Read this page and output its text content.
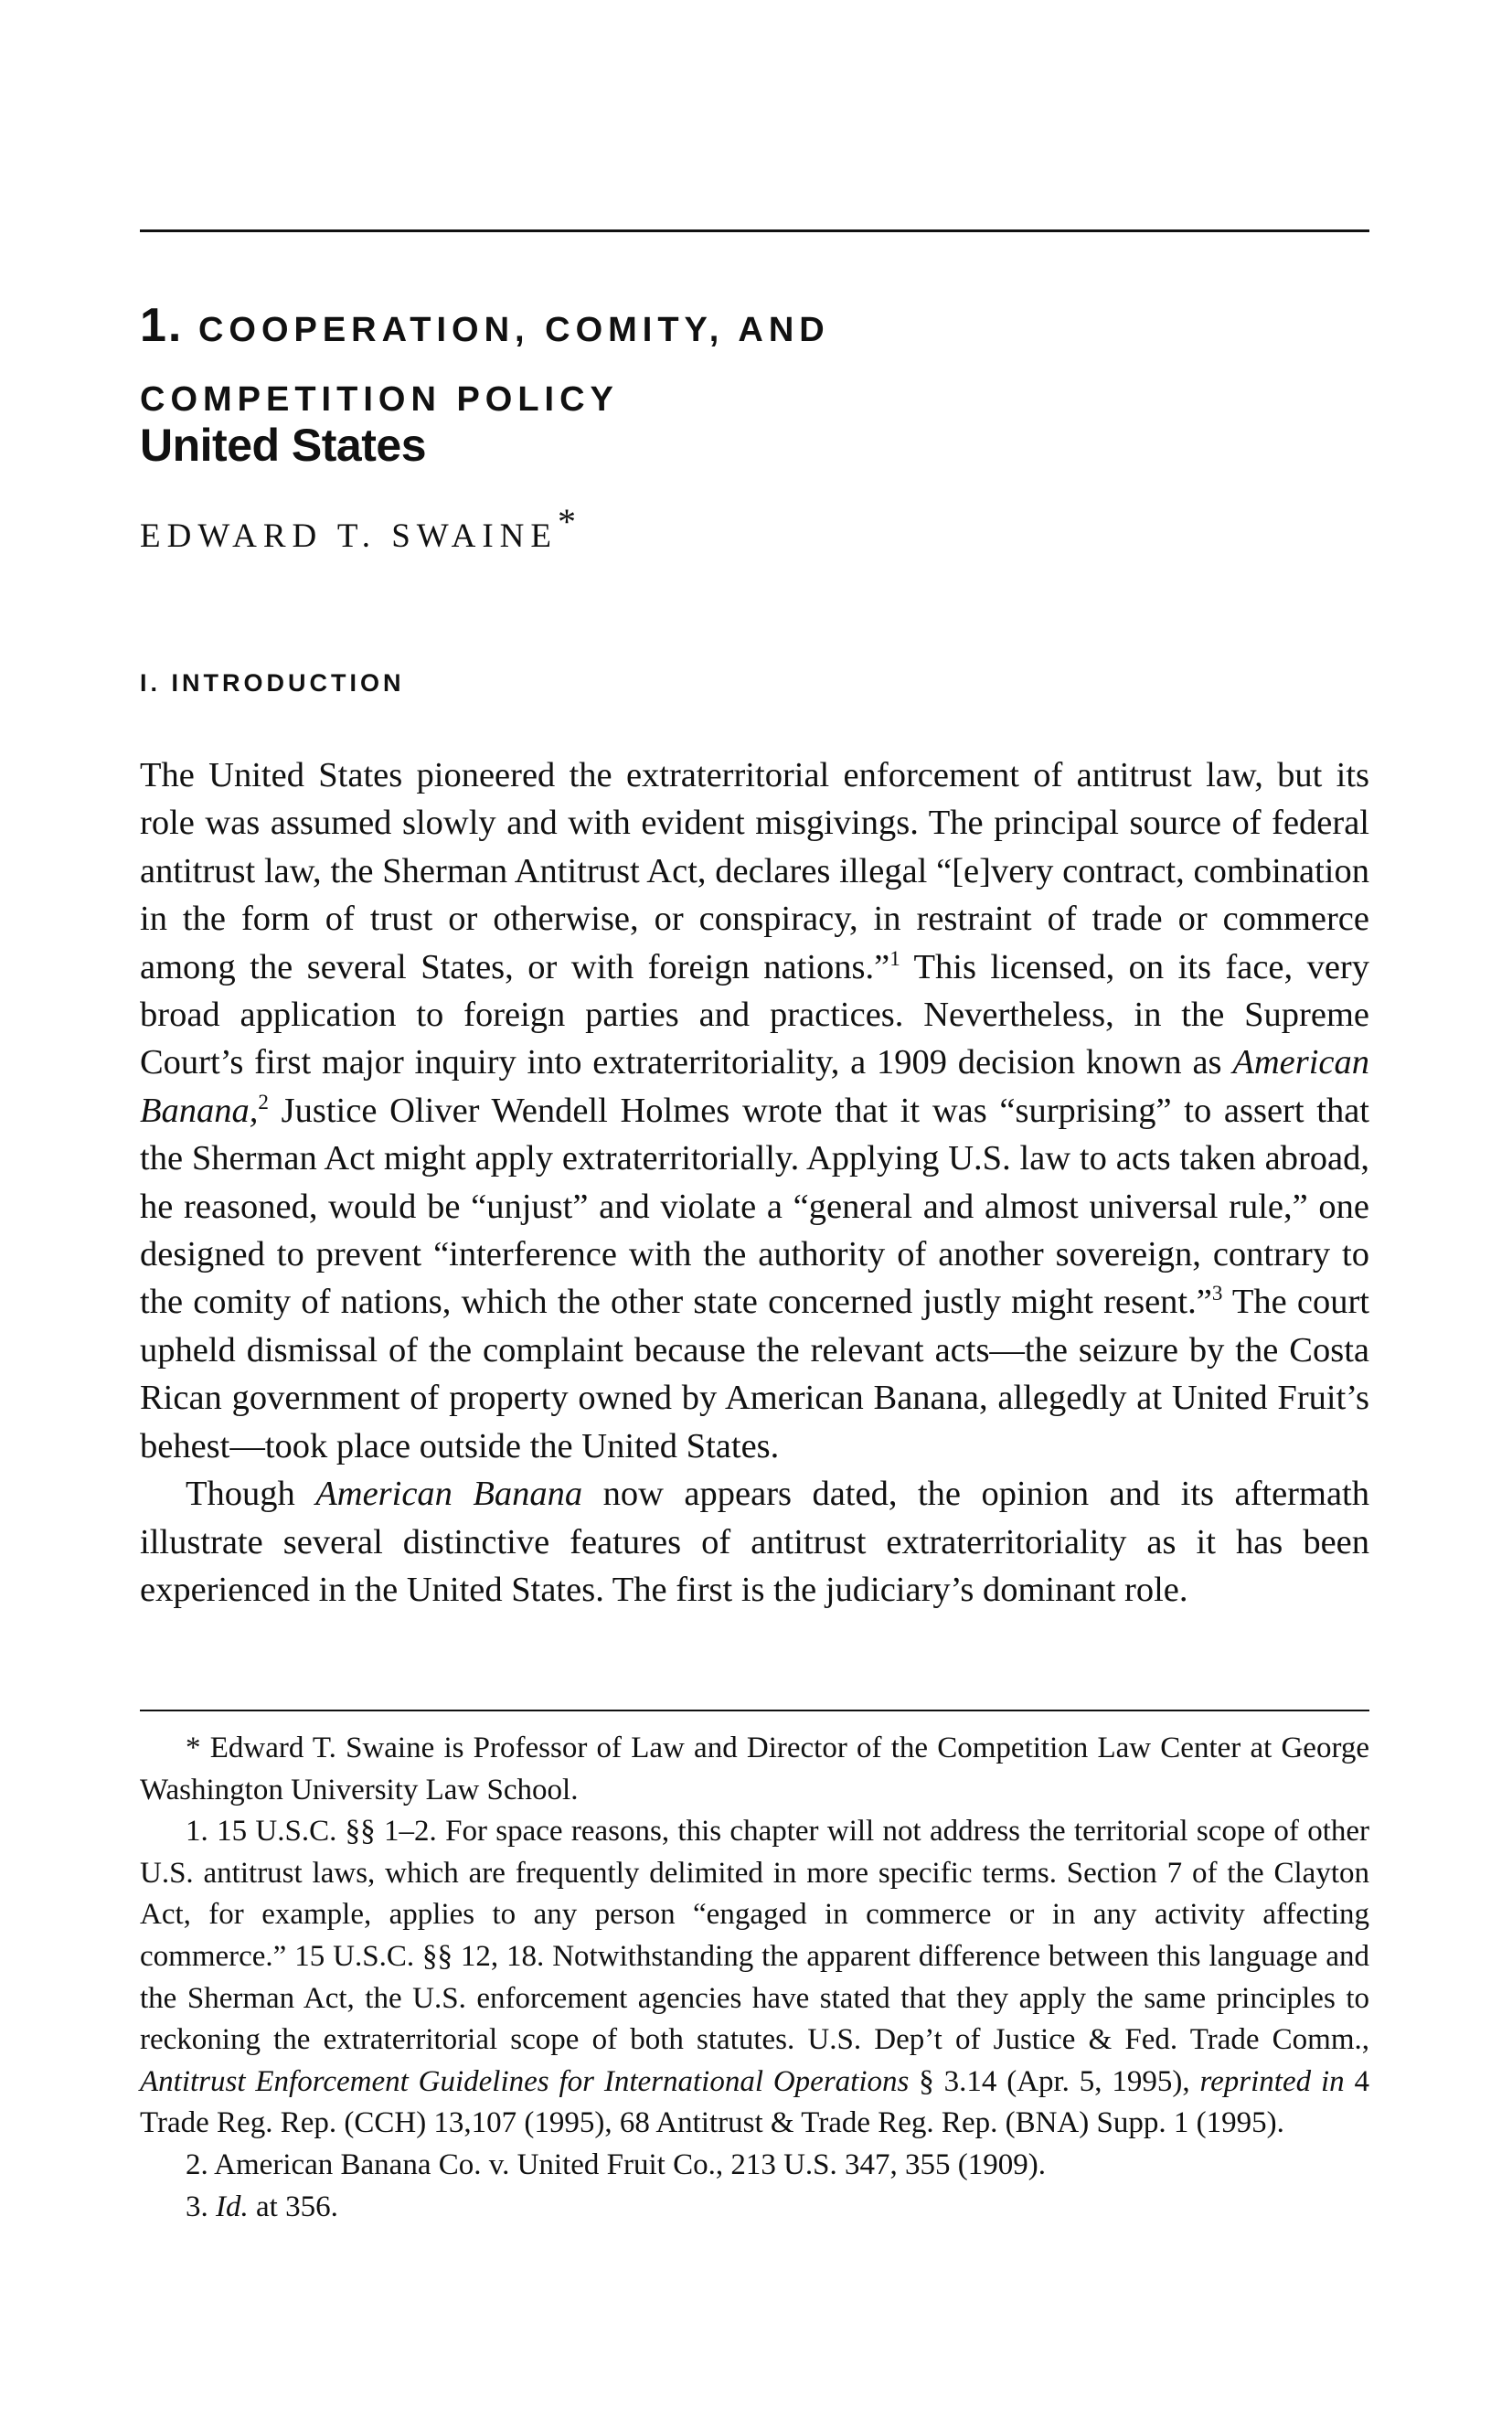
1. COOPERATION, COMITY, AND
COMPETITION POLICY
United States
EDWARD T. SWAINE*
I. INTRODUCTION

The United States pioneered the extraterritorial enforcement of antitrust law, but its role was assumed slowly and with evident misgivings. The principal source of federal antitrust law, the Sherman Antitrust Act, declares illegal “[e]very contract, combination in the form of trust or otherwise, or conspiracy, in restraint of trade or commerce among the several States, or with foreign nations.”$^1$ This licensed, on its face, very broad application to foreign parties and practices. Nevertheless, in the Supreme Court’s first major inquiry into extraterritoriality, a 1909 decision known as American Banana,$^2$ Justice Oliver Wendell Holmes wrote that it was “surprising” to assert that the Sherman Act might apply extraterritorially. Applying U.S. law to acts taken abroad, he reasoned, would be “unjust” and violate a “general and almost universal rule,” one designed to prevent “interference with the authority of another sovereign, contrary to the comity of nations, which the other state concerned justly might resent.”$^3$ The court upheld dismissal of the complaint because the relevant acts—the seizure by the Costa Rican government of property owned by American Banana, allegedly at United Fruit’s behest—took place outside the United States.

Though American Banana now appears dated, the opinion and its aftermath illustrate several distinctive features of antitrust extraterritoriality as it has been experienced in the United States. The first is the judiciary’s dominant role.

* Edward T. Swaine is Professor of Law and Director of the Competition Law Center at George Washington University Law School.

1. 15 U.S.C. §§ 1–2. For space reasons, this chapter will not address the territorial scope of other U.S. antitrust laws, which are frequently delimited in more specific terms. Section 7 of the Clayton Act, for example, applies to any person “engaged in commerce or in any activity affecting commerce.” 15 U.S.C. §§ 12, 18. Notwithstanding the apparent difference between this language and the Sherman Act, the U.S. enforcement agencies have stated that they apply the same principles to reckoning the extraterritorial scope of both statutes. U.S. Dep’t of Justice & Fed. Trade Comm., Antitrust Enforcement Guidelines for International Operations § 3.14 (Apr. 5, 1995), reprinted in 4 Trade Reg. Rep. (CCH) 13,107 (1995), 68 Antitrust & Trade Reg. Rep. (BNA) Supp. 1 (1995).

2. American Banana Co. v. United Fruit Co., 213 U.S. 347, 355 (1909).

3. Id. at 356.
